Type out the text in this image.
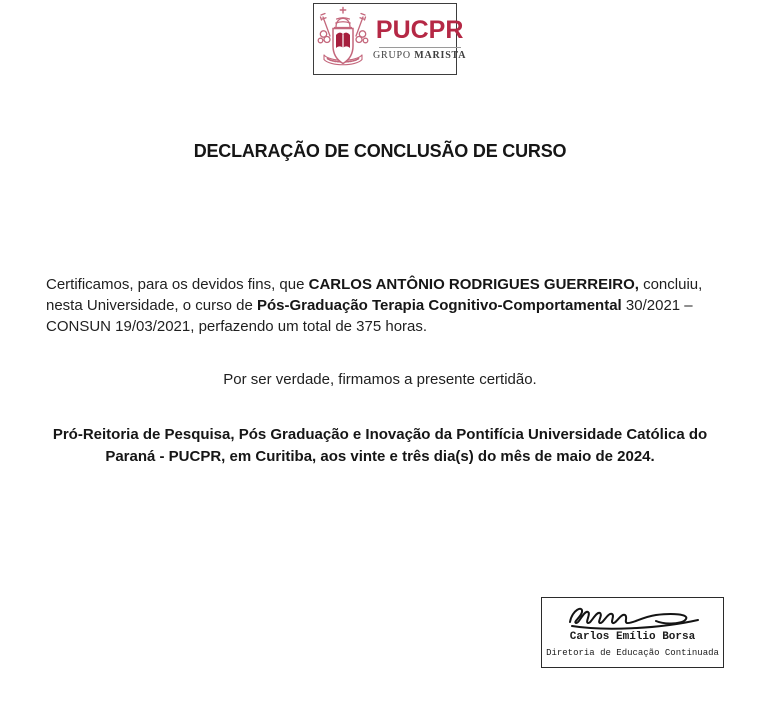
PUCPR
GRUPO MARISTA
DECLARAÇÃO DE CONCLUSÃO DE CURSO

Certificamos, para os devidos fins, que CARLOS ANTÔNIO RODRIGUES GUERREIRO, concluiu, nesta Universidade, o curso de Pós-Graduação Terapia Cognitivo-Comportamental 30/2021 – CONSUN 19/03/2021, perfazendo um total de 375 horas.

Por ser verdade, firmamos a presente certidão.
Pró-Reitoria de Pesquisa, Pós Graduação e Inovação da Pontifícia Universidade Católica do
Paraná - PUCPR, em Curitiba, aos vinte e três dia(s) do mês de maio de 2024.
Carlos Emílio Borsa
Diretoria de Educação Continuada
